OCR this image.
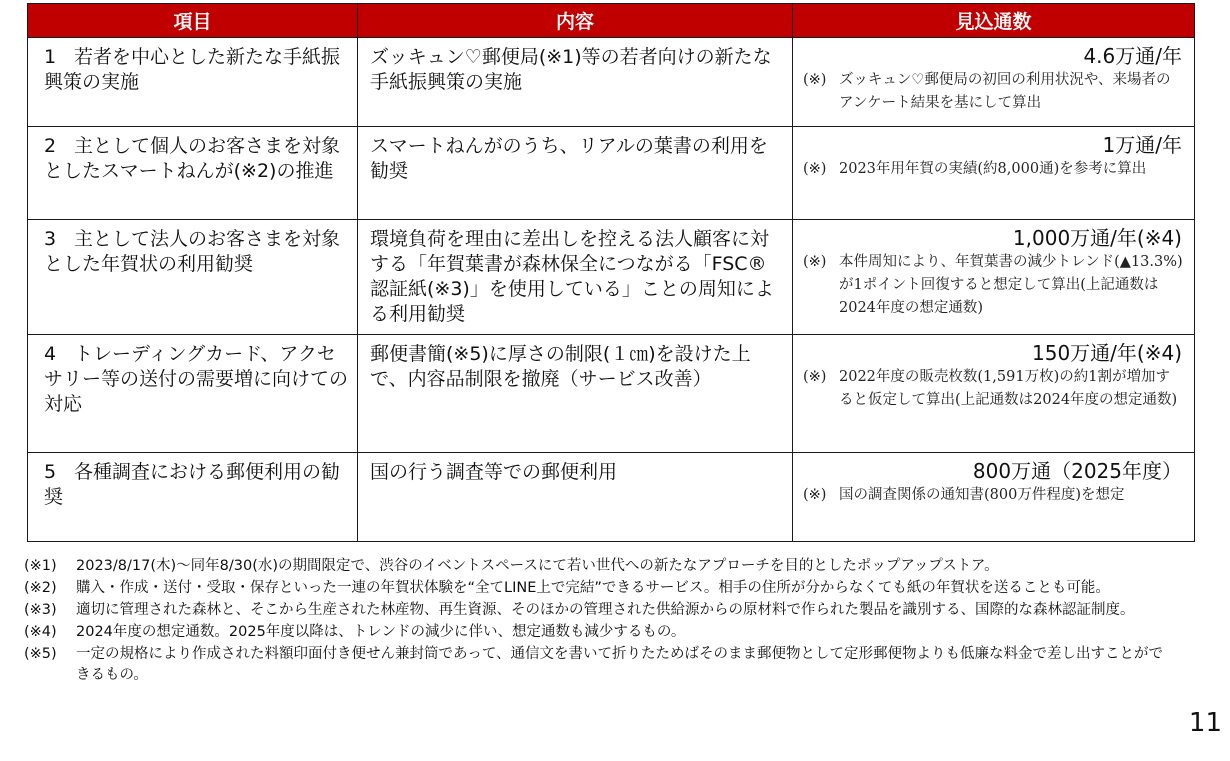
項目	内容	見込通数
1 若者を中心とした新たな手紙振興策の実施	ズッキュン♡郵便局(※1)等の若者向けの新たな手紙振興策の実施	4.6万通/年
(※) ズッキュン♡郵便局の初回の利用状況や、来場者のアンケート結果を基にして算出

2 主として個人のお客さまを対象としたスマートねんが(※2)の推進	スマートねんがのうち、リアルの葉書の利用を勧奨	1万通/年
(※) 2023年用年賀の実績(約8,000通)を参考に算出

3 主として法人のお客さまを対象とした年賀状の利用勧奨	環境負荷を理由に差出しを控える法人顧客に対する「年賀葉書が森林保全につながる「FSC®認証紙(※3)」を使用している」ことの周知による利用勧奨	1,000万通/年(※4)
(※) 本件周知により、年賀葉書の減少トレンド(▲13.3%)が1ポイント回復すると想定して算出(上記通数は2024年度の想定通数)

4 トレーディングカード、アクセサリー等の送付の需要増に向けての対応	郵便書簡(※5)に厚さの制限(１㎝)を設けた上で、内容品制限を撤廃（サービス改善）	150万通/年(※4)
(※) 2022年度の販売枚数(1,591万枚)の約1割が増加すると仮定して算出(上記通数は2024年度の想定通数)

5 各種調査における郵便利用の勧奨	国の行う調査等での郵便利用	800万通（2025年度）
(※) 国の調査関係の通知書(800万件程度)を想定
(※1)	2023/8/17(木)～同年8/30(水)の期間限定で、渋谷のイベントスペースにて若い世代への新たなアプローチを目的としたポップアップストア。
(※2)	購入・作成・送付・受取・保存といった一連の年賀状体験を“全てLINE上で完結”できるサービス。相手の住所が分からなくても紙の年賀状を送ることも可能。
(※3)	適切に管理された森林と、そこから生産された林産物、再生資源、そのほかの管理された供給源からの原材料で作られた製品を識別する、国際的な森林認証制度。
(※4)	2024年度の想定通数。2025年度以降は、トレンドの減少に伴い、想定通数も減少するもの。
(※5)	一定の規格により作成された料額印面付き便せん兼封筒であって、通信文を書いて折りたためばそのまま郵便物として定形郵便物よりも低廉な料金で差し出すことができるもの。
11
